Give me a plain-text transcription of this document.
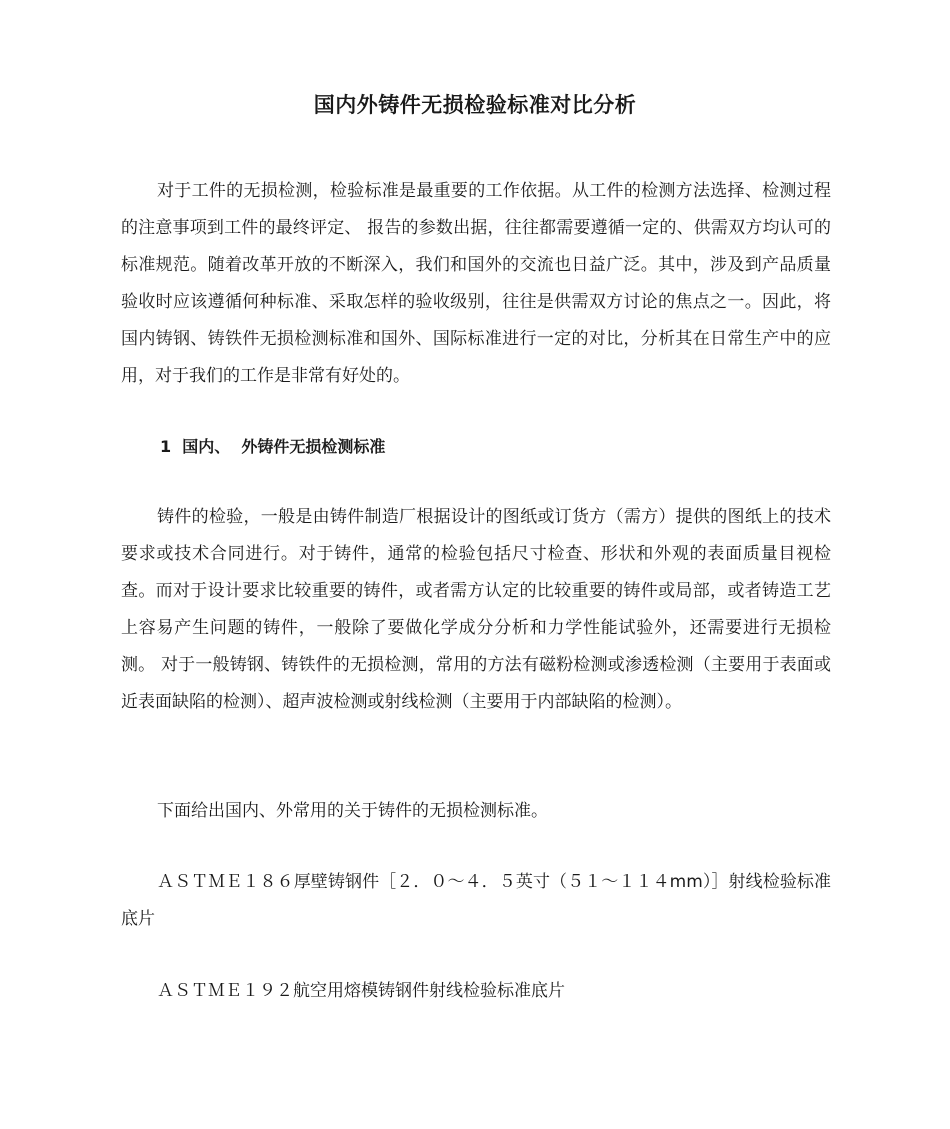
国内外铸件无损检验标准对比分析
对于工件的无损检测，检验标准是最重要的工作依据。从工件的检测方法选择、检测过程的注意事项到工件的最终评定、 报告的参数出据，往往都需要遵循一定的、供需双方均认可的标准规范。随着改革开放的不断深入，我们和国外的交流也日益广泛。其中，涉及到产品质量验收时应该遵循何种标准、采取怎样的验收级别，往往是供需双方讨论的焦点之一。因此，将国内铸钢、铸铁件无损检测标准和国外、国际标准进行一定的对比，分析其在日常生产中的应用，对于我们的工作是非常有好处的。
1  国内、  外铸件无损检测标准
铸件的检验，一般是由铸件制造厂根据设计的图纸或订货方（需方）提供的图纸上的技术要求或技术合同进行。对于铸件，通常的检验包括尺寸检查、形状和外观的表面质量目视检查。而对于设计要求比较重要的铸件，或者需方认定的比较重要的铸件或局部，或者铸造工艺上容易产生问题的铸件，一般除了要做化学成分分析和力学性能试验外，还需要进行无损检测。 对于一般铸钢、铸铁件的无损检测，常用的方法有磁粉检测或渗透检测（主要用于表面或近表面缺陷的检测）、超声波检测或射线检测（主要用于内部缺陷的检测）。
下面给出国内、外常用的关于铸件的无损检测标准。
ＡＳＴＭＥ１８６厚壁铸钢件［２．０～４．５英寸（５１～１１４mm）］射线检验标准底片
ＡＳＴＭＥ１９２航空用熔模铸钢件射线检验标准底片
